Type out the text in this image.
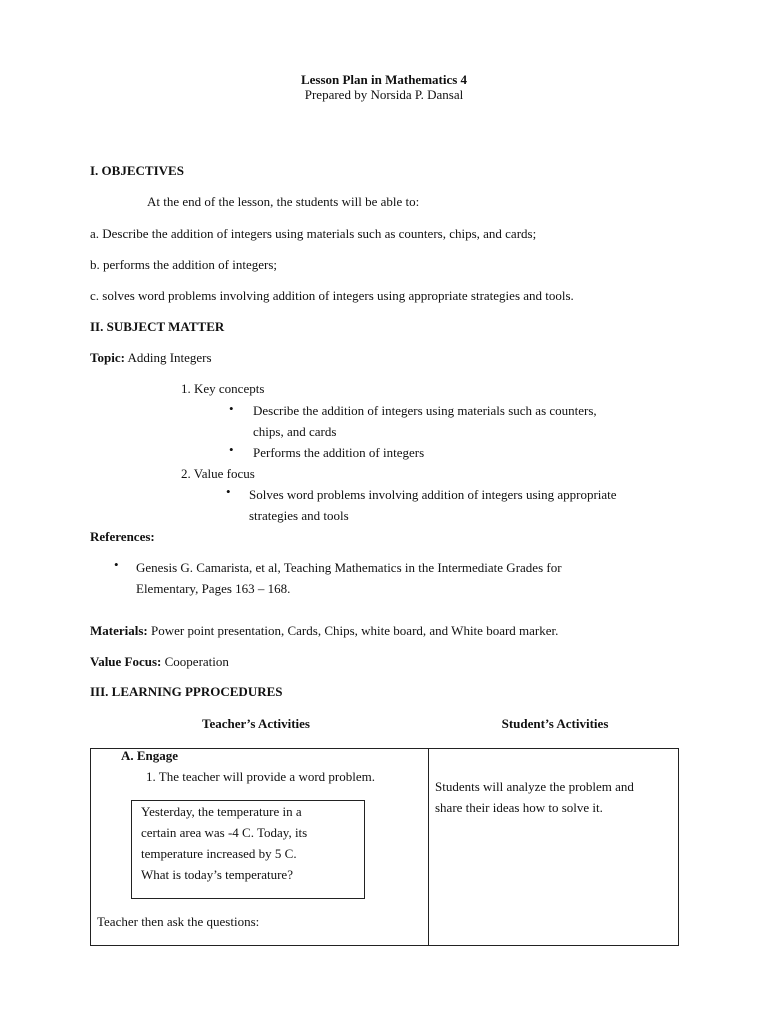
Lesson Plan in Mathematics 4
Prepared by Norsida P. Dansal
I. OBJECTIVES
At the end of the lesson, the students will be able to:
a. Describe the addition of integers using materials such as counters, chips, and cards;
b. performs the addition of integers;
c. solves word problems involving addition of integers using appropriate strategies and tools.
II. SUBJECT MATTER
Topic: Adding Integers
1. Key concepts
• Describe the addition of integers using materials such as counters,
chips, and cards
• Performs the addition of integers
2. Value focus
• Solves word problems involving addition of integers using appropriate
strategies and tools
References:
• Genesis G. Camarista, et al, Teaching Mathematics in the Intermediate Grades for
Elementary, Pages 163 – 168.
Materials: Power point presentation, Cards, Chips, white board, and White board marker.
Value Focus: Cooperation
III. LEARNING PPROCEDURES
Teacher’s Activities	Student’s Activities
A. Engage
1. The teacher will provide a word problem.
Yesterday, the temperature in a
certain area was -4 C. Today, its
temperature increased by 5 C.
What is today’s temperature?
Teacher then ask the questions:
Students will analyze the problem and
share their ideas how to solve it.
